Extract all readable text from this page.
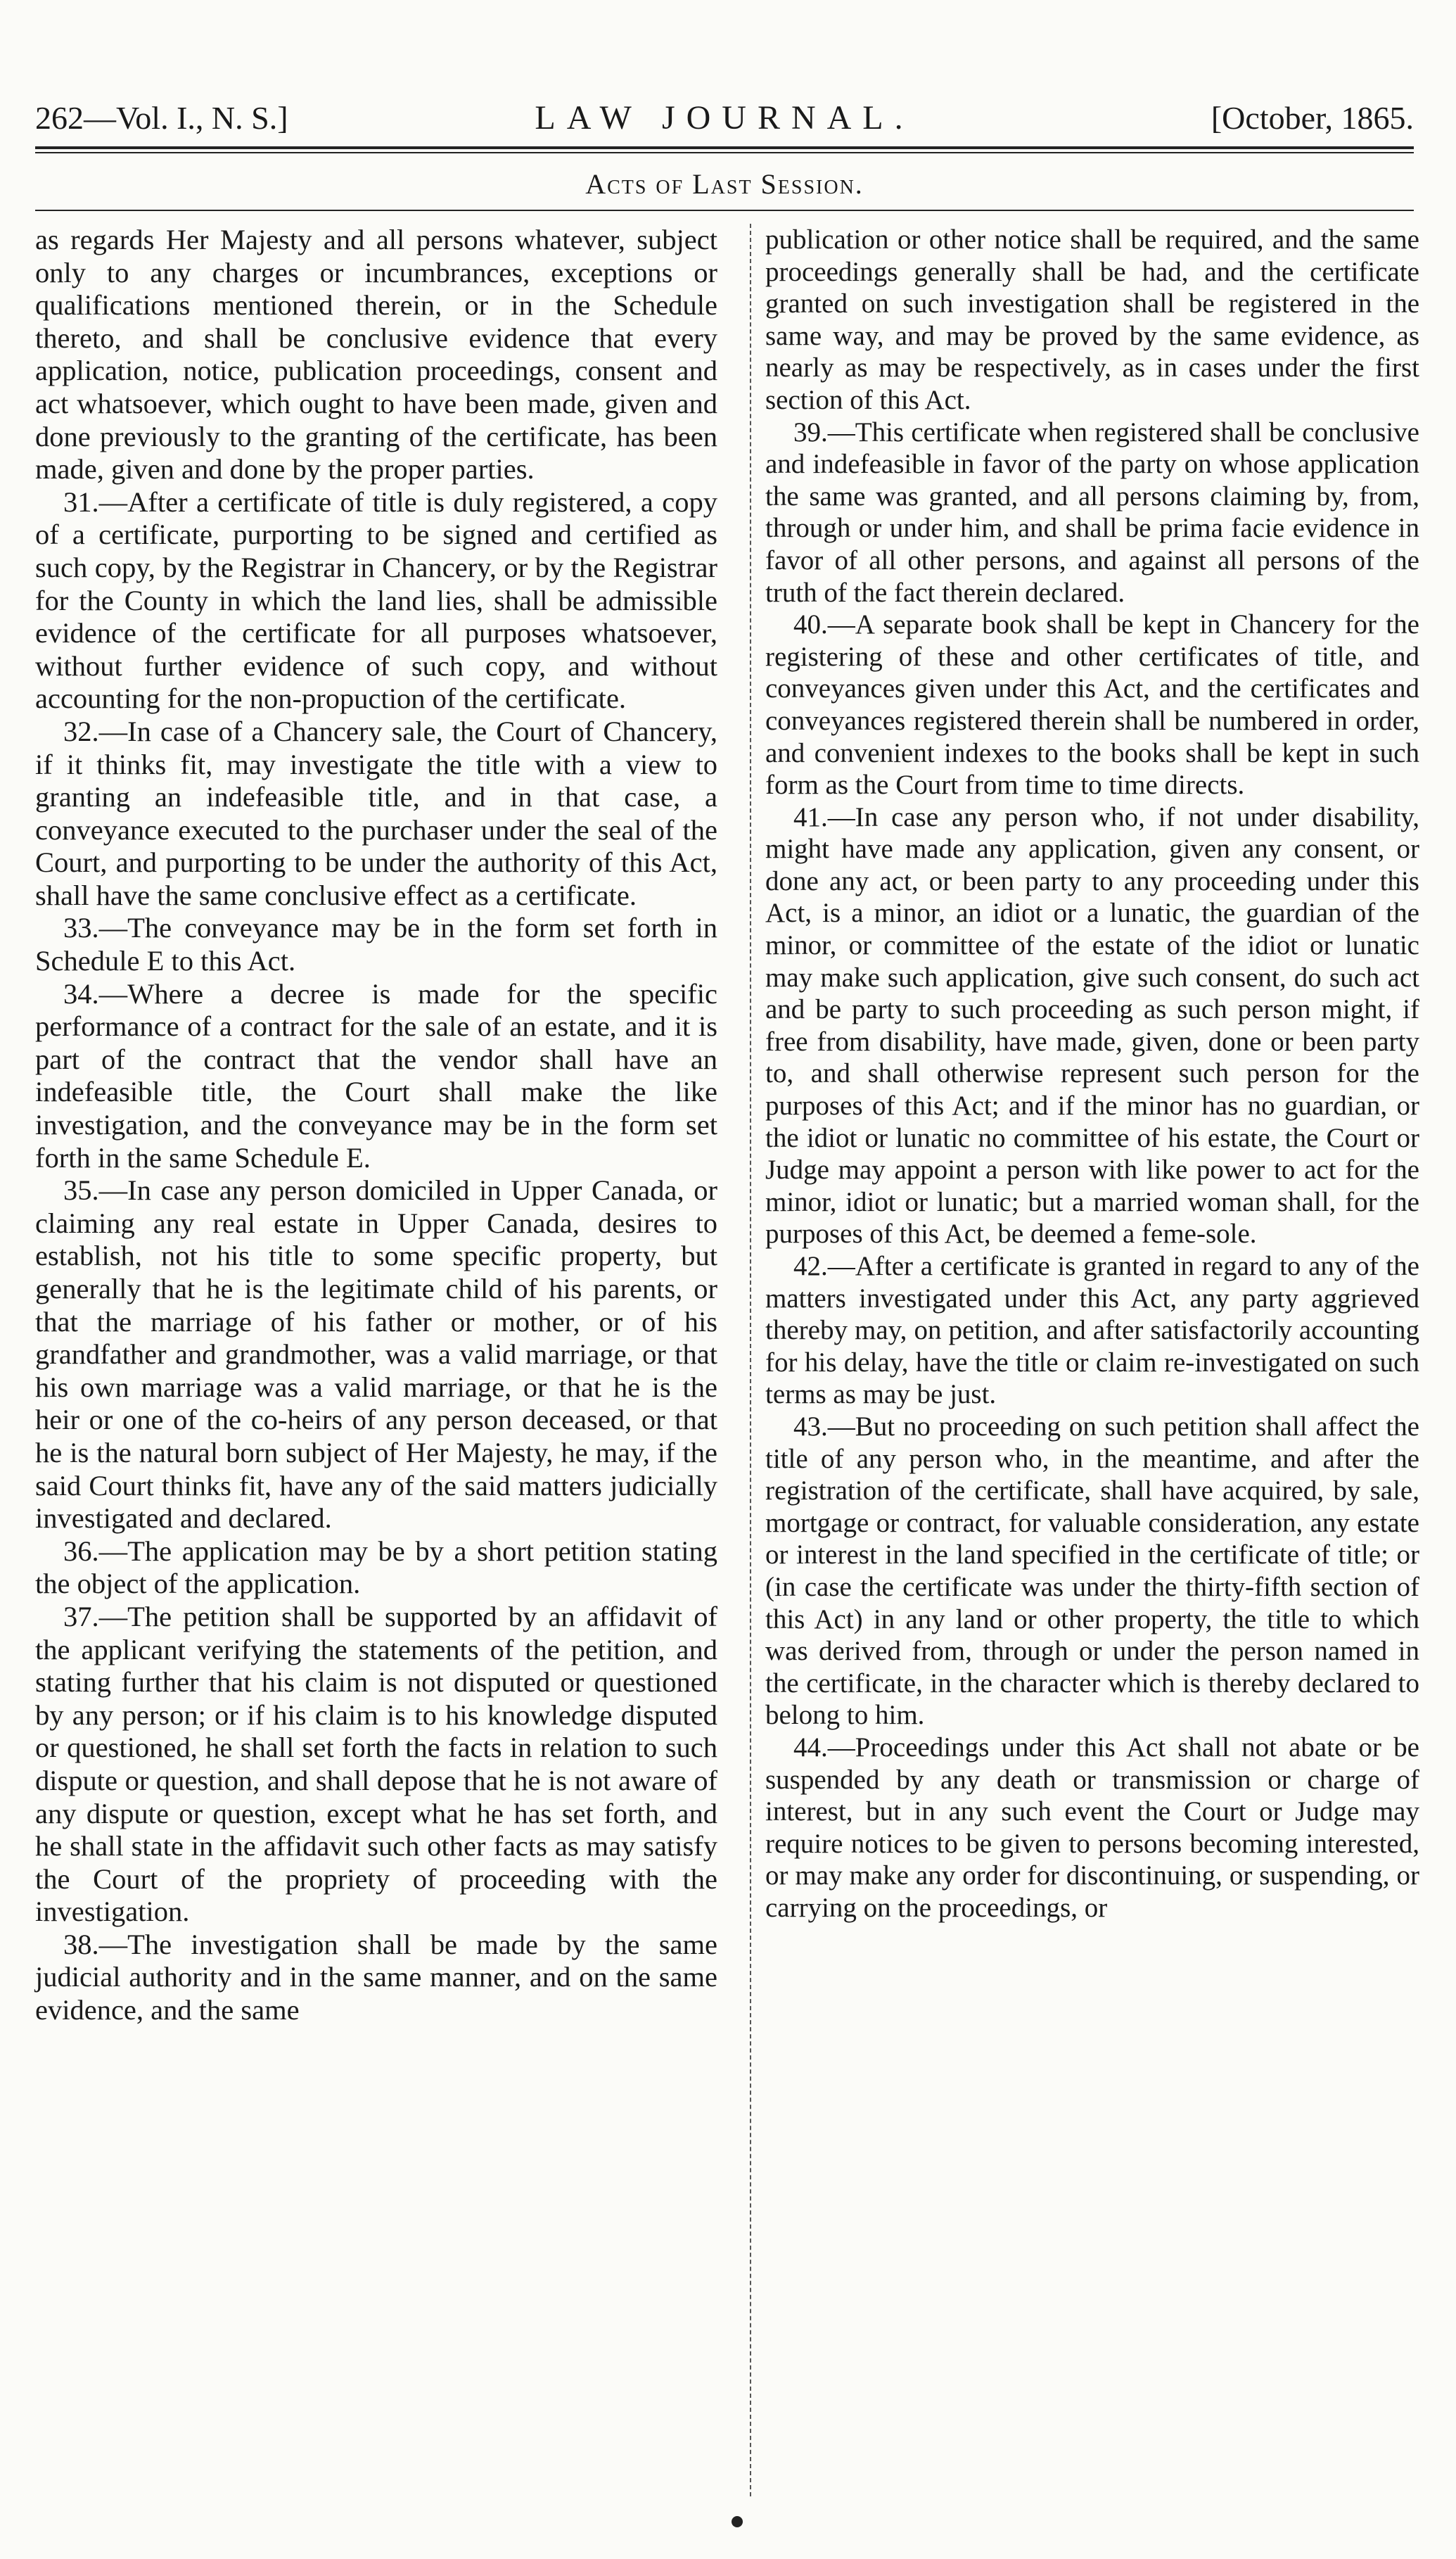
262—Vol. I., N. S.]	LAW JOURNAL.	[October, 1865.
Acts of Last Session.

as regards Her Majesty and all persons whatever, subject only to any charges or incumbrances, exceptions or qualifications mentioned therein, or in the Schedule thereto, and shall be conclusive evidence that every application, notice, publication proceedings, consent and act whatsoever, which ought to have been made, given and done previously to the granting of the certificate, has been made, given and done by the proper parties.

31.—After a certificate of title is duly registered, a copy of a certificate, purporting to be signed and certified as such copy, by the Registrar in Chancery, or by the Registrar for the County in which the land lies, shall be admissible evidence of the certificate for all purposes whatsoever, without further evidence of such copy, and without accounting for the non-propuction of the certificate.

32.—In case of a Chancery sale, the Court of Chancery, if it thinks fit, may investigate the title with a view to granting an indefeasible title, and in that case, a conveyance executed to the purchaser under the seal of the Court, and purporting to be under the authority of this Act, shall have the same conclusive effect as a certificate.

33.—The conveyance may be in the form set forth in Schedule E to this Act.

34.—Where a decree is made for the specific performance of a contract for the sale of an estate, and it is part of the contract that the vendor shall have an indefeasible title, the Court shall make the like investigation, and the conveyance may be in the form set forth in the same Schedule E.

35.—In case any person domiciled in Upper Canada, or claiming any real estate in Upper Canada, desires to establish, not his title to some specific property, but generally that he is the legitimate child of his parents, or that the marriage of his father or mother, or of his grandfather and grandmother, was a valid marriage, or that his own marriage was a valid marriage, or that he is the heir or one of the co-heirs of any person deceased, or that he is the natural born subject of Her Majesty, he may, if the said Court thinks fit, have any of the said matters judicially investigated and declared.

36.—The application may be by a short petition stating the object of the application.

37.—The petition shall be supported by an affidavit of the applicant verifying the statements of the petition, and stating further that his claim is not disputed or questioned by any person; or if his claim is to his knowledge disputed or questioned, he shall set forth the facts in relation to such dispute or question, and shall depose that he is not aware of any dispute or question, except what he has set forth, and he shall state in the affidavit such other facts as may satisfy the Court of the propriety of proceeding with the investigation.

38.—The investigation shall be made by the same judicial authority and in the same manner, and on the same evidence, and the same

publication or other notice shall be required, and the same proceedings generally shall be had, and the certificate granted on such investigation shall be registered in the same way, and may be proved by the same evidence, as nearly as may be respectively, as in cases under the first section of this Act.

39.—This certificate when registered shall be conclusive and indefeasible in favor of the party on whose application the same was granted, and all persons claiming by, from, through or under him, and shall be prima facie evidence in favor of all other persons, and against all persons of the truth of the fact therein declared.

40.—A separate book shall be kept in Chancery for the registering of these and other certificates of title, and conveyances given under this Act, and the certificates and conveyances registered therein shall be numbered in order, and convenient indexes to the books shall be kept in such form as the Court from time to time directs.

41.—In case any person who, if not under disability, might have made any application, given any consent, or done any act, or been party to any proceeding under this Act, is a minor, an idiot or a lunatic, the guardian of the minor, or committee of the estate of the idiot or lunatic may make such application, give such consent, do such act and be party to such proceeding as such person might, if free from disability, have made, given, done or been party to, and shall otherwise represent such person for the purposes of this Act; and if the minor has no guardian, or the idiot or lunatic no committee of his estate, the Court or Judge may appoint a person with like power to act for the minor, idiot or lunatic; but a married woman shall, for the purposes of this Act, be deemed a feme-sole.

42.—After a certificate is granted in regard to any of the matters investigated under this Act, any party aggrieved thereby may, on petition, and after satisfactorily accounting for his delay, have the title or claim re-investigated on such terms as may be just.

43.—But no proceeding on such petition shall affect the title of any person who, in the meantime, and after the registration of the certificate, shall have acquired, by sale, mortgage or contract, for valuable consideration, any estate or interest in the land specified in the certificate of title; or (in case the certificate was under the thirty-fifth section of this Act) in any land or other property, the title to which was derived from, through or under the person named in the certificate, in the character which is thereby declared to belong to him.

44.—Proceedings under this Act shall not abate or be suspended by any death or transmission or charge of interest, but in any such event the Court or Judge may require notices to be given to persons becoming interested, or may make any order for discontinuing, or suspending, or carrying on the proceedings, or
